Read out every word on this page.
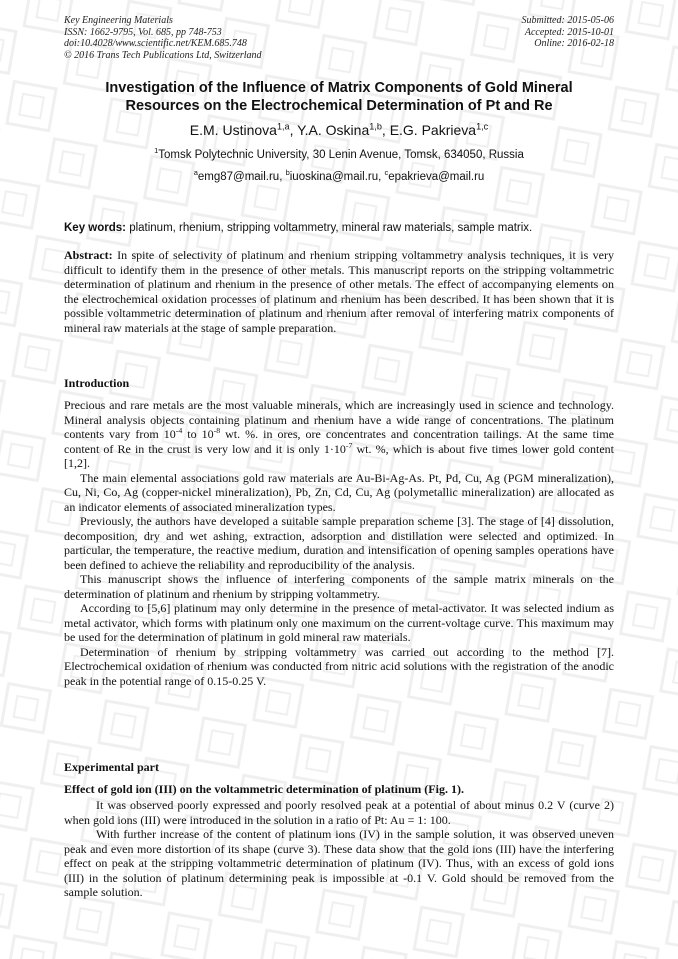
Key Engineering Materials
ISSN: 1662-9795, Vol. 685, pp 748-753
doi:10.4028/www.scientific.net/KEM.685.748
© 2016 Trans Tech Publications Ltd, Switzerland
Submitted: 2015-05-06
Accepted: 2015-10-01
Online: 2016-02-18
Investigation of the Influence of Matrix Components of Gold Mineral
Resources on the Electrochemical Determination of Pt and Re
E.M. Ustinova$^{1,a}$, Y.A. Oskina$^{1,b}$, E.G. Pakrieva$^{1,c}$
$^1$Tomsk Polytechnic University, 30 Lenin Avenue, Tomsk, 634050, Russia
$^a$emg87@mail.ru, $^b$iuoskina@mail.ru, $^c$epakrieva@mail.ru
Key words: platinum, rhenium, stripping voltammetry, mineral raw materials, sample matrix.

Abstract: In spite of selectivity of platinum and rhenium stripping voltammetry analysis techniques, it is very difficult to identify them in the presence of other metals. This manuscript reports on the stripping voltammetric determination of platinum and rhenium in the presence of other metals. The effect of accompanying elements on the electrochemical oxidation processes of platinum and rhenium has been described. It has been shown that it is possible voltammetric determination of platinum and rhenium after removal of interfering matrix components of mineral raw materials at the stage of sample preparation.

Introduction

Precious and rare metals are the most valuable minerals, which are increasingly used in science and technology. Mineral analysis objects containing platinum and rhenium have a wide range of concentrations. The platinum contents vary from $10^{-4}$ to $10^{-8}$ wt. %. in ores, ore concentrates and concentration tailings. At the same time content of Re in the crust is very low and it is only $1\cdot 10^{-7}$ wt. %, which is about five times lower gold content [1,2].

The main elemental associations gold raw materials are Au-Bi-Ag-As. Pt, Pd, Cu, Ag (PGM mineralization), Cu, Ni, Co, Ag (copper-nickel mineralization), Pb, Zn, Cd, Cu, Ag (polymetallic mineralization) are allocated as an indicator elements of associated mineralization types.

Previously, the authors have developed a suitable sample preparation scheme [3]. The stage of [4] dissolution, decomposition, dry and wet ashing, extraction, adsorption and distillation were selected and optimized. In particular, the temperature, the reactive medium, duration and intensification of opening samples operations have been defined to achieve the reliability and reproducibility of the analysis.

This manuscript shows the influence of interfering components of the sample matrix minerals on the determination of platinum and rhenium by stripping voltammetry.

According to [5,6] platinum may only determine in the presence of metal-activator. It was selected indium as metal activator, which forms with platinum only one maximum on the current-voltage curve. This maximum may be used for the determination of platinum in gold mineral raw materials.

Determination of rhenium by stripping voltammetry was carried out according to the method [7]. Electrochemical oxidation of rhenium was conducted from nitric acid solutions with the registration of the anodic peak in the potential range of 0.15-0.25 V.

Experimental part
Effect of gold ion (III) on the voltammetric determination of platinum (Fig. 1).

It was observed poorly expressed and poorly resolved peak at a potential of about minus 0.2 V (curve 2) when gold ions (III) were introduced in the solution in a ratio of Pt: Au = 1: 100.

With further increase of the content of platinum ions (IV) in the sample solution, it was observed uneven peak and even more distortion of its shape (curve 3). These data show that the gold ions (III) have the interfering effect on peak at the stripping voltammetric determination of platinum (IV). Thus, with an excess of gold ions (III) in the solution of platinum determining peak is impossible at -0.1 V. Gold should be removed from the sample solution.
